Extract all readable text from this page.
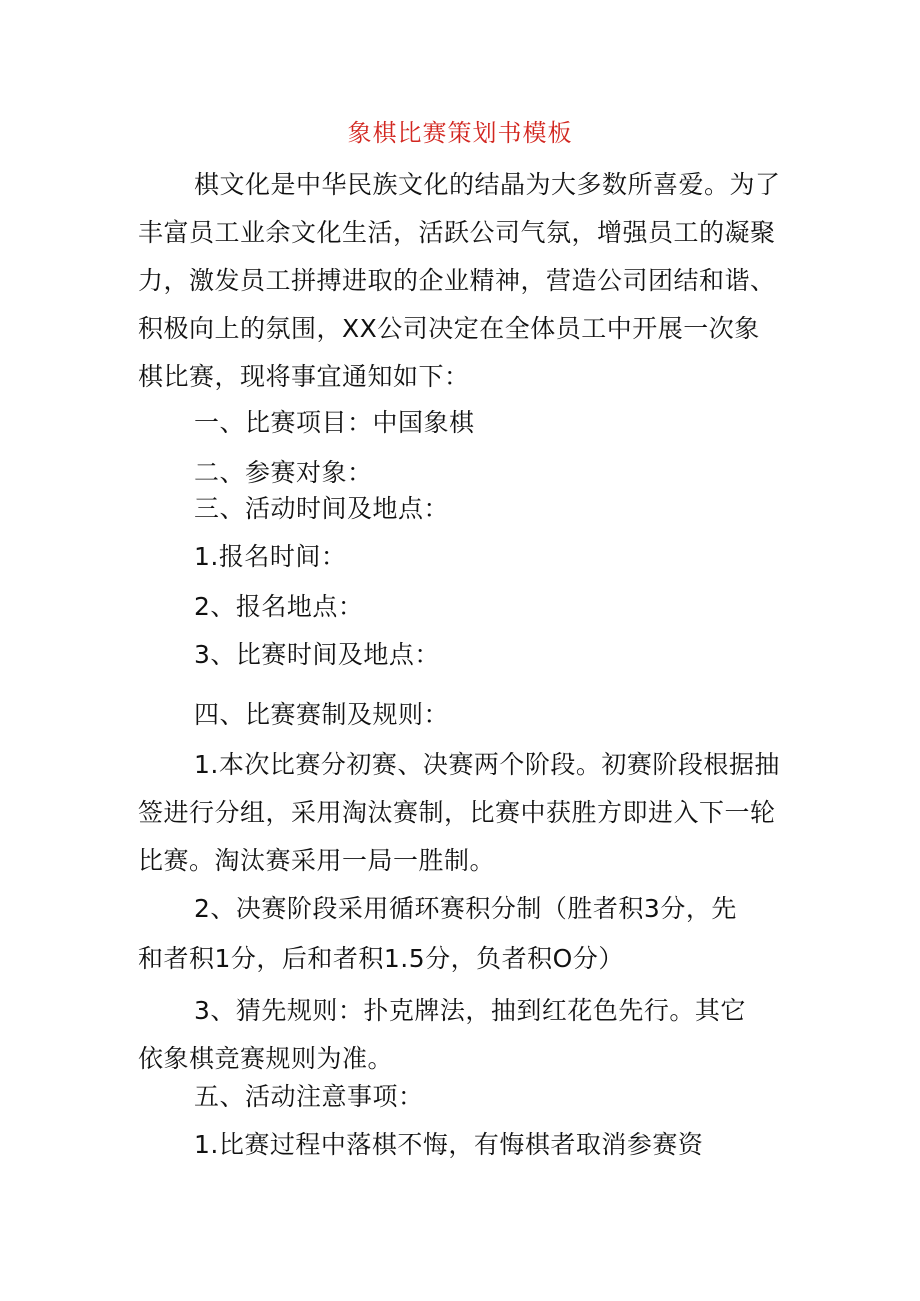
象棋比赛策划书模板
棋文化是中华民族文化的结晶为大多数所喜爱。为了
丰富员工业余文化生活，活跃公司气氛，增强员工的凝聚
力，激发员工拼搏进取的企业精神，营造公司团结和谐、
积极向上的氛围，XX公司决定在全体员工中开展一次象
棋比赛，现将事宜通知如下：
一、比赛项目：中国象棋
二、参赛对象：
三、活动时间及地点：
1.报名时间：
2、报名地点：
3、比赛时间及地点：
四、比赛赛制及规则：
1.本次比赛分初赛、决赛两个阶段。初赛阶段根据抽
签进行分组，采用淘汰赛制，比赛中获胜方即进入下一轮
比赛。淘汰赛采用一局一胜制。
2、决赛阶段采用循环赛积分制（胜者积3分，先
和者积1分，后和者积1.5分，负者积O分）
3、猜先规则：扑克牌法，抽到红花色先行。其它
依象棋竞赛规则为准。
五、活动注意事项：
1.比赛过程中落棋不悔，有悔棋者取消参赛资
